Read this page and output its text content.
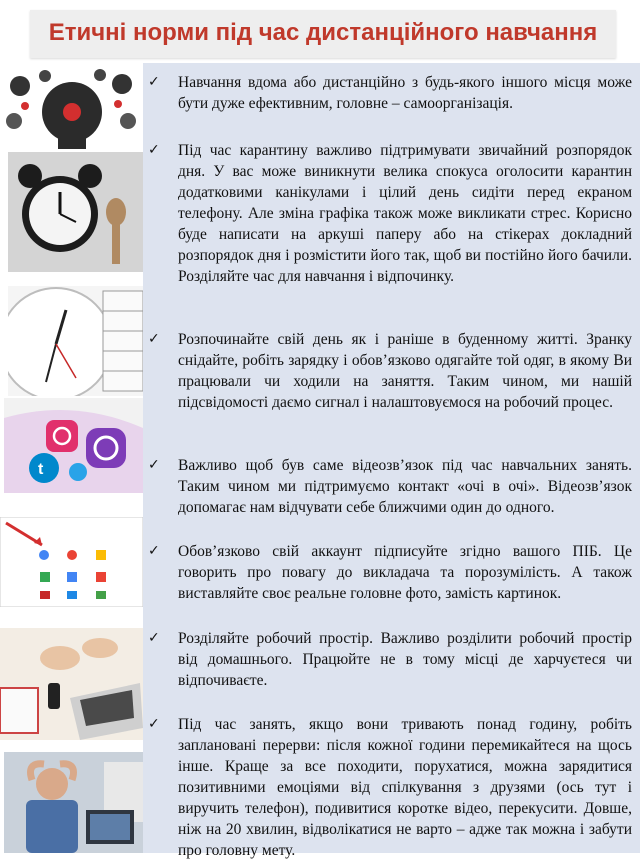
Етичні норми під час дистанційного навчання
t
✓ Навчання вдома або дистанційно з будь-якого іншого місця може бути дуже ефективним, головне – самоорганізація.
✓ Під час карантину важливо підтримувати звичайний розпорядок дня. У вас може виникнути велика спокуса оголосити карантин додатковими канікулами і цілий день сидіти перед екраном телефону. Але зміна графіка також може викликати стрес. Корисно буде написати на аркуші паперу або на стікерах докладний розпорядок дня і розмістити його так, щоб ви постійно його бачили. Розділяйте час для навчання і відпочинку.
✓ Розпочинайте свій день як і раніше в буденному житті. Зранку снідайте, робіть зарядку і обов’язково одягайте той одяг, в якому Ви працювали чи ходили на заняття. Таким чином, ми нашій підсвідомості даємо сигнал і налаштовуємося на робочий процес.
✓ Важливо щоб був саме відеозв’язок під час навчальних занять. Таким чином ми підтримуємо контакт «очі в очі». Відеозв’язок допомагає нам відчувати себе ближчими один до одного.
✓ Обов’язково свій аккаунт підписуйте згідно вашого ПІБ. Це говорить про повагу до викладача та порозумілість. А також виставляйте своє реальне головне фото, замість картинок.
✓ Розділяйте робочий простір. Важливо розділити робочий простір від домашнього. Працюйте не в тому місці де харчуєтеся чи відпочиваєте.
✓ Під час занять, якщо вони тривають понад годину, робіть заплановані перерви: після кожної години перемикайтеся на щось інше. Краще за все походити, порухатися, можна зарядитися позитивними емоціями від спілкування з друзями (ось тут і виручить телефон), подивитися коротке відео, перекусити. Довше, ніж на 20 хвилин, відволікатися не варто – адже так можна і забути про головну мету.
